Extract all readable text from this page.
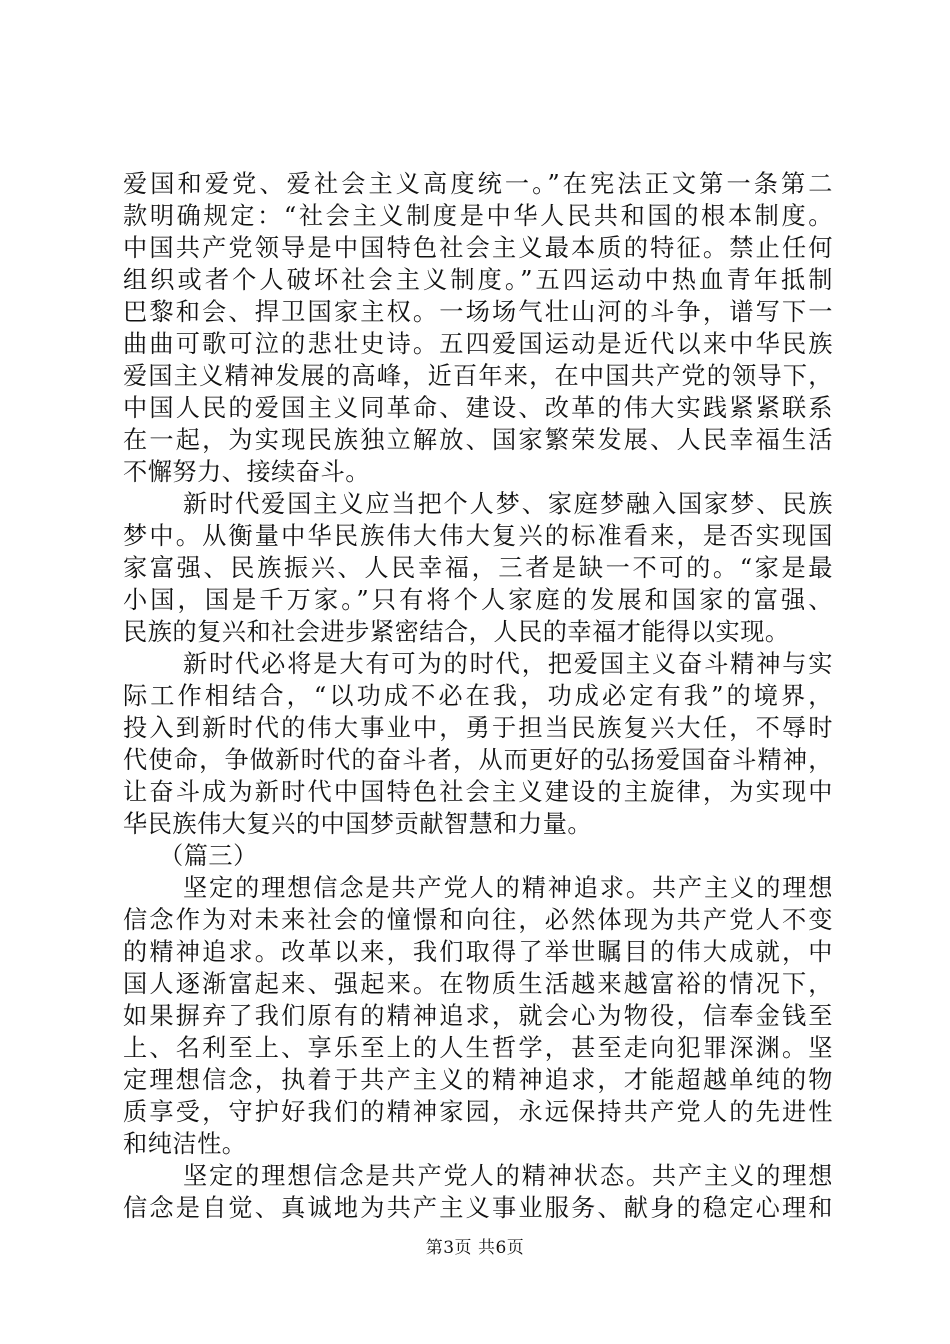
爱国和爱党、爱社会主义高度统一。”在宪法正文第一条第二
款明确规定：“社会主义制度是中华人民共和国的根本制度。
中国共产党领导是中国特色社会主义最本质的特征。禁止任何
组织或者个人破坏社会主义制度。”五四运动中热血青年抵制
巴黎和会、捍卫国家主权。一场场气壮山河的斗争，谱写下一
曲曲可歌可泣的悲壮史诗。五四爱国运动是近代以来中华民族
爱国主义精神发展的高峰，近百年来，在中国共产党的领导下，
中国人民的爱国主义同革命、建设、改革的伟大实践紧紧联系
在一起，为实现民族独立解放、国家繁荣发展、人民幸福生活
不懈努力、接续奋斗。
新时代爱国主义应当把个人梦、家庭梦融入国家梦、民族
梦中。从衡量中华民族伟大伟大复兴的标准看来，是否实现国
家富强、民族振兴、人民幸福，三者是缺一不可的。“家是最
小国，国是千万家。”只有将个人家庭的发展和国家的富强、
民族的复兴和社会进步紧密结合，人民的幸福才能得以实现。
新时代必将是大有可为的时代，把爱国主义奋斗精神与实
际工作相结合，“以功成不必在我，功成必定有我”的境界，
投入到新时代的伟大事业中，勇于担当民族复兴大任，不辱时
代使命，争做新时代的奋斗者，从而更好的弘扬爱国奋斗精神，
让奋斗成为新时代中国特色社会主义建设的主旋律，为实现中
华民族伟大复兴的中国梦贡献智慧和力量。
（篇三）
坚定的理想信念是共产党人的精神追求。共产主义的理想
信念作为对未来社会的憧憬和向往，必然体现为共产党人不变
的精神追求。改革以来，我们取得了举世瞩目的伟大成就，中
国人逐渐富起来、强起来。在物质生活越来越富裕的情况下，
如果摒弃了我们原有的精神追求，就会心为物役，信奉金钱至
上、名利至上、享乐至上的人生哲学，甚至走向犯罪深渊。坚
定理想信念，执着于共产主义的精神追求，才能超越单纯的物
质享受，守护好我们的精神家园，永远保持共产党人的先进性
和纯洁性。
坚定的理想信念是共产党人的精神状态。共产主义的理想
信念是自觉、真诚地为共产主义事业服务、献身的稳定心理和
第3页 共6页
